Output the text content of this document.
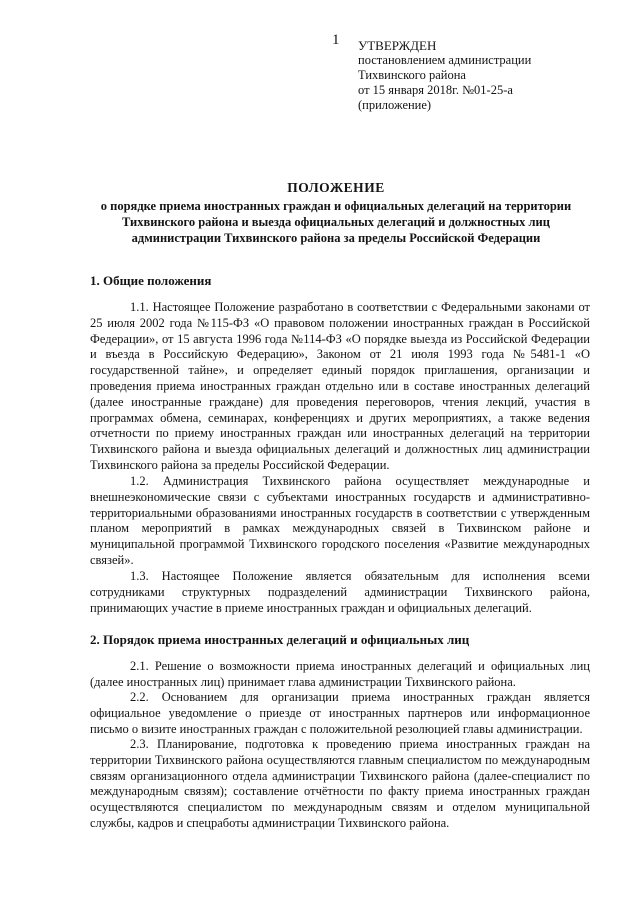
1 УТВЕРЖДЕН
постановлением администрации
Тихвинского района
от 15 января 2018г. №01-25-а
(приложение)
ПОЛОЖЕНИЕ
о порядке приема иностранных граждан и официальных делегаций на территории Тихвинского района и выезда официальных делегаций и должностных лиц администрации Тихвинского района за пределы Российской Федерации
1. Общие положения
1.1. Настоящее Положение разработано в соответствии с Федеральными законами от 25 июля 2002 года №115-ФЗ «О правовом положении иностранных граждан в Российской Федерации», от 15 августа 1996 года №114-ФЗ «О порядке выезда из Российской Федерации и въезда в Российскую Федерацию», Законом от 21 июля 1993 года №5481-1 «О государственной тайне», и определяет единый порядок приглашения, организации и проведения приема иностранных граждан отдельно или в составе иностранных делегаций (далее иностранные граждане) для проведения переговоров, чтения лекций, участия в программах обмена, семинарах, конференциях и других мероприятиях, а также ведения отчетности по приему иностранных граждан или иностранных делегаций на территории Тихвинского района и выезда официальных делегаций и должностных лиц администрации Тихвинского района за пределы Российской Федерации.
1.2. Администрация Тихвинского района осуществляет международные и внешнеэкономические связи с субъектами иностранных государств и административно-территориальными образованиями иностранных государств в соответствии с утвержденным планом мероприятий в рамках международных связей в Тихвинском районе и муниципальной программой Тихвинского городского поселения «Развитие международных связей».
1.3. Настоящее Положение является обязательным для исполнения всеми сотрудниками структурных подразделений администрации Тихвинского района, принимающих участие в приеме иностранных граждан и официальных делегаций.
2. Порядок приема иностранных делегаций и официальных лиц
2.1. Решение о возможности приема иностранных делегаций и официальных лиц (далее иностранных лиц) принимает глава администрации Тихвинского района.
2.2. Основанием для организации приема иностранных граждан является официальное уведомление о приезде от иностранных партнеров или информационное письмо о визите иностранных граждан с положительной резолюцией главы администрации.
2.3. Планирование, подготовка к проведению приема иностранных граждан на территории Тихвинского района осуществляются главным специалистом по международным связям организационного отдела администрации Тихвинского района (далее-специалист по международным связям); составление отчётности по факту приема иностранных граждан осуществляются специалистом по международным связям и отделом муниципальной службы, кадров и спецработы администрации Тихвинского района.
